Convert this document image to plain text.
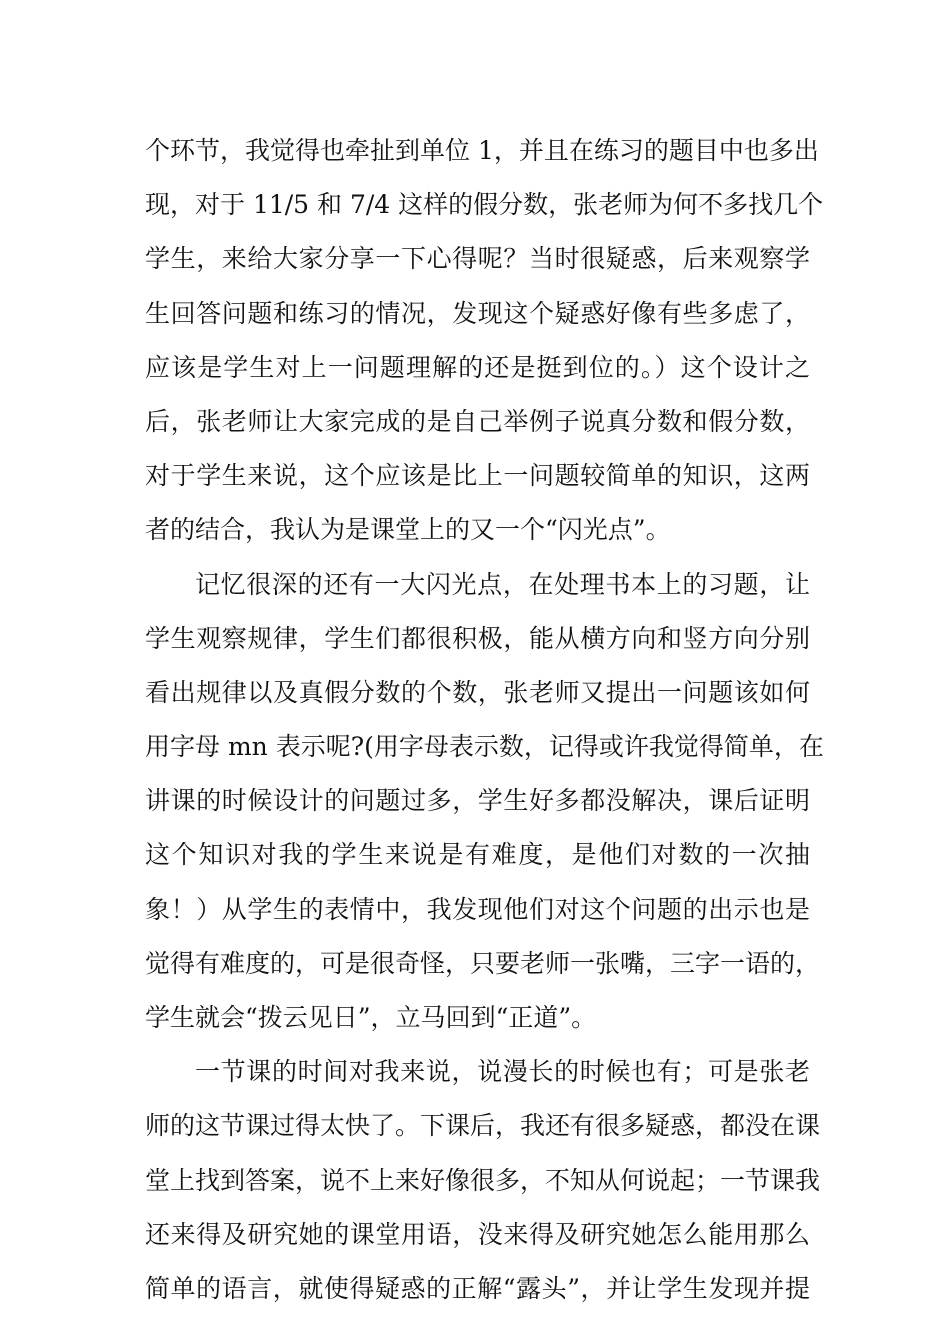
个环节，我觉得也牵扯到单位 1，并且在练习的题目中也多出
现，对于 11/5 和 7/4 这样的假分数，张老师为何不多找几个
学生，来给大家分享一下心得呢？当时很疑惑，后来观察学
生回答问题和练习的情况，发现这个疑惑好像有些多虑了，
应该是学生对上一问题理解的还是挺到位的。）这个设计之
后，张老师让大家完成的是自己举例子说真分数和假分数，
对于学生来说，这个应该是比上一问题较简单的知识，这两
者的结合，我认为是课堂上的又一个“闪光点”。
记忆很深的还有一大闪光点，在处理书本上的习题，让
学生观察规律，学生们都很积极，能从横方向和竖方向分别
看出规律以及真假分数的个数，张老师又提出一问题该如何
用字母 mn 表示呢?(用字母表示数，记得或许我觉得简单，在
讲课的时候设计的问题过多，学生好多都没解决，课后证明
这个知识对我的学生来说是有难度，是他们对数的一次抽
象！）从学生的表情中，我发现他们对这个问题的出示也是
觉得有难度的，可是很奇怪，只要老师一张嘴，三字一语的，
学生就会“拨云见日”，立马回到“正道”。
一节课的时间对我来说，说漫长的时候也有；可是张老
师的这节课过得太快了。下课后，我还有很多疑惑，都没在课
堂上找到答案，说不上来好像很多，不知从何说起；一节课我
还来得及研究她的课堂用语，没来得及研究她怎么能用那么
简单的语言，就使得疑惑的正解“露头”，并让学生发现并提
